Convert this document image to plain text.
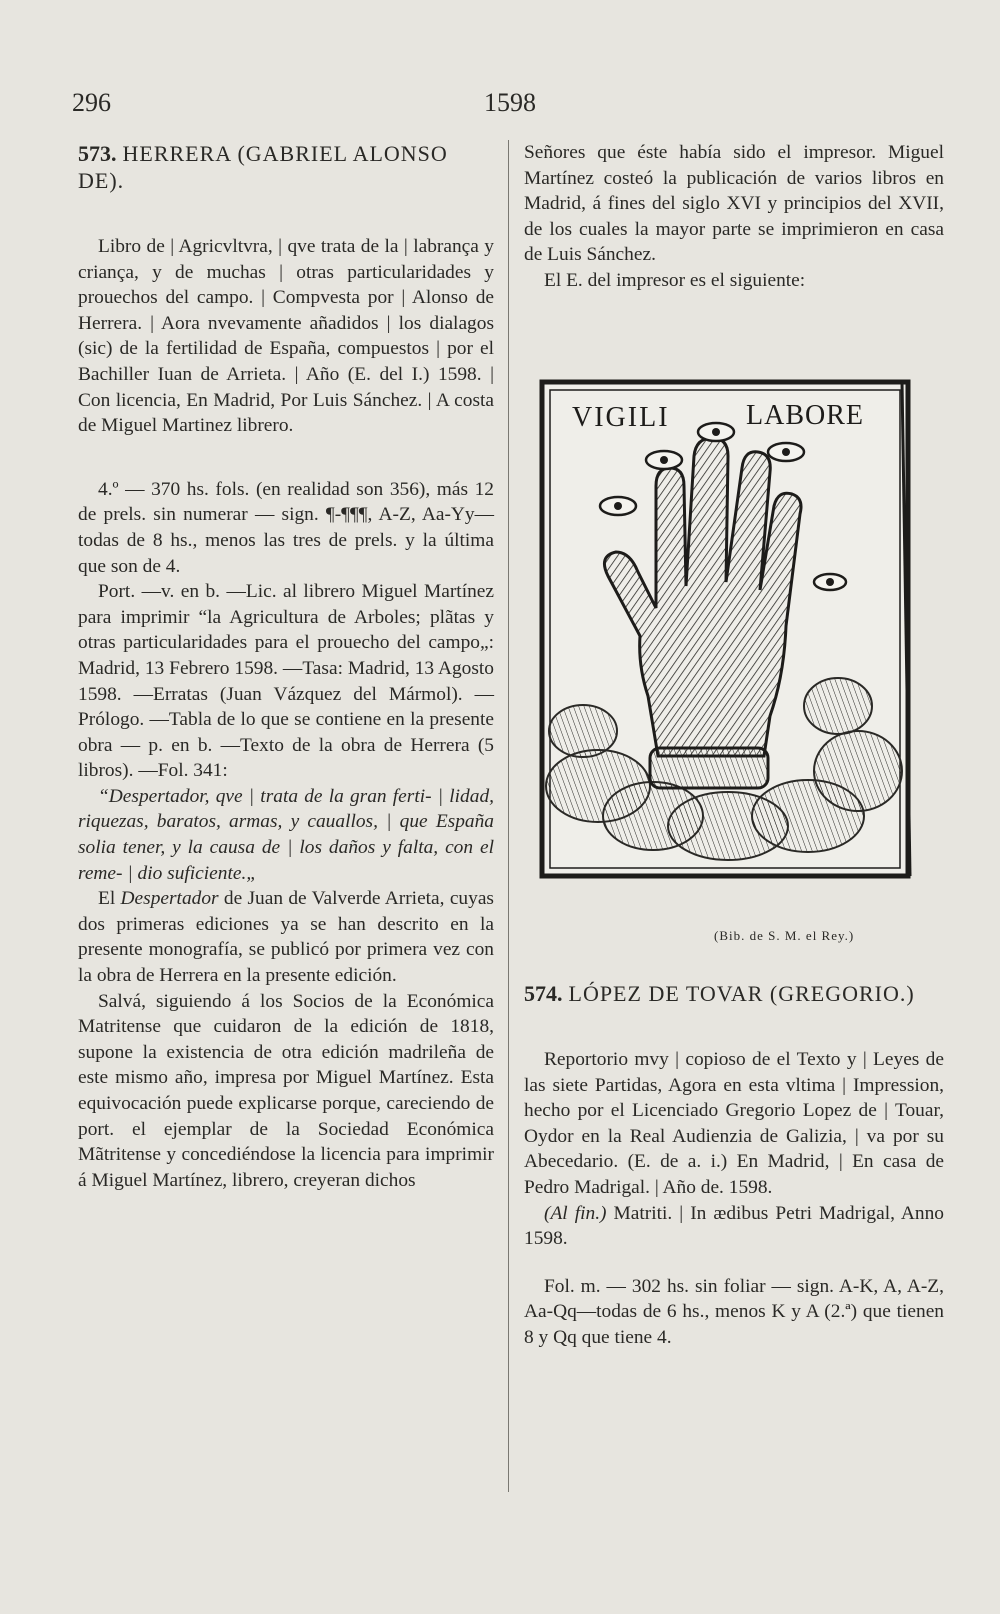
296	1598

573. HERRERA (GABRIEL ALONSO DE).

Libro de | Agricvltvra, | qve trata de la | labrança y criança, y de muchas | otras particularidades y prouechos del campo. | Compvesta por | Alonso de Herrera. | Aora nvevamente añadidos | los dialagos (sic) de la fertilidad de España, compuestos | por el Bachiller Iuan de Arrieta. | Año (E. del I.) 1598. | Con licencia, En Madrid, Por Luis Sánchez. | A costa de Miguel Martinez librero.

4.º — 370 hs. fols. (en realidad son 356), más 12 de prels. sin numerar — sign. ¶-¶¶¶, A-Z, Aa-Yy—todas de 8 hs., menos las tres de prels. y la última que son de 4.

Port. —v. en b. —Lic. al librero Miguel Martínez para imprimir “la Agricultura de Arboles; plãtas y otras particularidades para el prouecho del campo„: Madrid, 13 Febrero 1598. —Tasa: Madrid, 13 Agosto 1598. —Erratas (Juan Vázquez del Mármol). —Prólogo. —Tabla de lo que se contiene en la presente obra — p. en b. —Texto de la obra de Herrera (5 libros). —Fol. 341:

“Despertador, qve | trata de la gran ferti- | lidad, riquezas, baratos, armas, y cauallos, | que España solia tener, y la causa de | los daños y falta, con el reme- | dio suficiente.„

El Despertador de Juan de Valverde Arrieta, cuyas dos primeras ediciones ya se han descrito en la presente monografía, se publicó por primera vez con la obra de Herrera en la presente edición.

Salvá, siguiendo á los Socios de la Económica Matritense que cuidaron de la edición de 1818, supone la existencia de otra edición madrileña de este mismo año, impresa por Miguel Martínez. Esta equivocación puede explicarse porque, careciendo de port. el ejemplar de la Sociedad Económica Mãtritense y concediéndose la licencia para imprimir á Miguel Martínez, librero, creyeran dichos

Señores que éste había sido el impresor. Miguel Martínez costeó la publicación de varios libros en Madrid, á fines del siglo XVI y principios del XVII, de los cuales la mayor parte se imprimieron en casa de Luis Sánchez.

El E. del impresor es el siguiente:

VIGILI	LABORE
(Bib. de S. M. el Rey.)

574. LÓPEZ DE TOVAR (GREGORIO.)

Reportorio mvy | copioso de el Texto y | Leyes de las siete Partidas, Agora en esta vltima | Impression, hecho por el Licenciado Gregorio Lopez de | Touar, Oydor en la Real Audienzia de Galizia, | va por su Abecedario. (E. de a. i.) En Madrid, | En casa de Pedro Madrigal. | Año de. 1598.

(Al fin.) Matriti. | In ædibus Petri Madrigal, Anno 1598.

Fol. m. — 302 hs. sin foliar — sign. A-K, A, A-Z, Aa-Qq—todas de 6 hs., menos K y A (2.ª) que tienen 8 y Qq que tiene 4.
